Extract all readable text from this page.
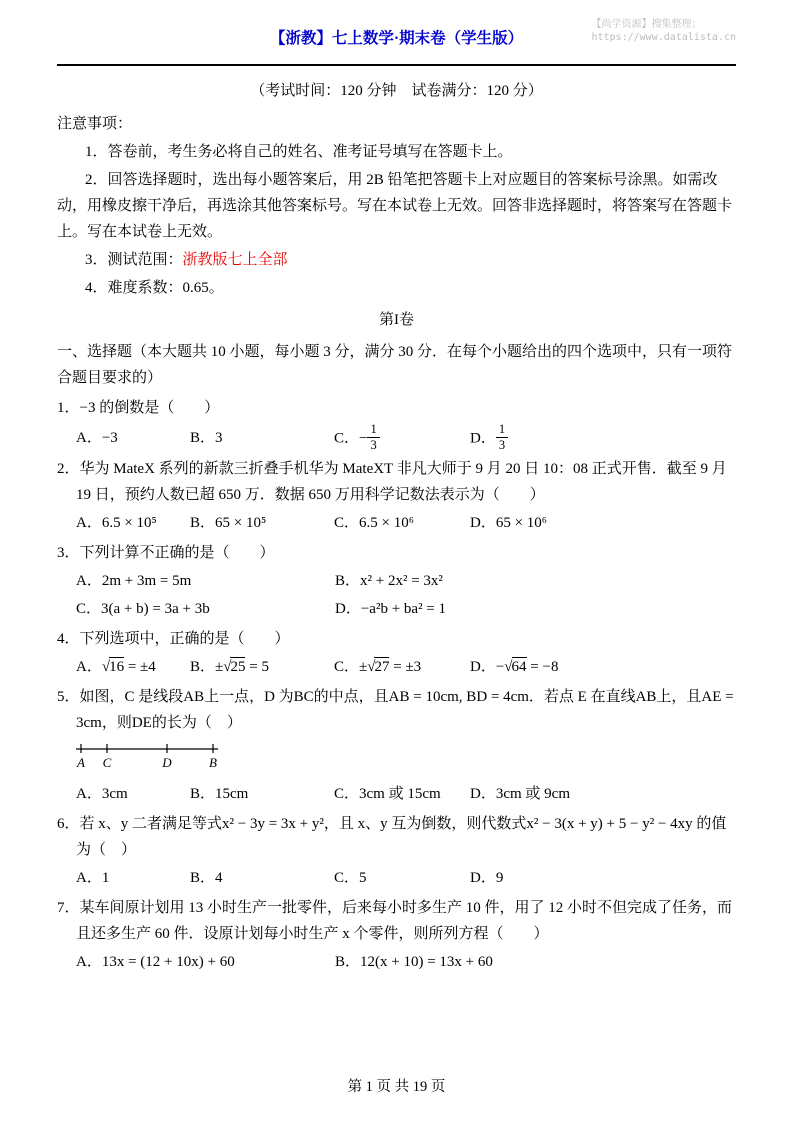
【尚学资源】搜集整理；
https://www.datalista.cn
【浙教】七上数学·期末卷（学生版）

（考试时间：120 分钟　试卷满分：120 分）

注意事项：

1．答卷前，考生务必将自己的姓名、准考证号填写在答题卡上。

2．回答选择题时，选出每小题答案后，用 2B 铅笔把答题卡上对应题目的答案标号涂黑。如需改动，用橡皮擦干净后，再选涂其他答案标号。写在本试卷上无效。回答非选择题时，将答案写在答题卡上。写在本试卷上无效。

3．测试范围：浙教版七上全部

4．难度系数：0.65。

第I卷

一、选择题（本大题共 10 小题，每小题 3 分，满分 30 分．在每个小题给出的四个选项中，只有一项符合题目要求的）

1．−3 的倒数是（　　）

A．−3	B．3	C．− $\frac{1}{3}$	D． $\frac{1}{3}$

2．华为 MateX 系列的新款三折叠手机华为 MateXT 非凡大师于 9 月 20 日 10：08 正式开售．截至 9 月 19 日，预约人数已超 650 万．数据 650 万用科学记数法表示为（　　）

A．6.5 × 10⁵ B．65 × 10⁵	C．6.5 × 10⁶	D．65 × 10⁶

3．下列计算不正确的是（　　）

A．2m + 3m = 5m	B．x² + 2x² = 3x²

C．3(a + b) = 3a + 3b	D．−a²b + ba² = 1

4．下列选项中，正确的是（　　）

A．√16 = ±4 B．±√25 = 5	C．±√27 = ±3	D．−√64 = −8

5．如图，C 是线段AB上一点，D 为BC的中点，且AB = 10cm, BD = 4cm．若点 E 在直线AB上，且AE = 3cm，则DE的长为（　）

A C	D	B

A．3cm	B．15cm	C．3cm 或 15cm D．3cm 或 9cm

6．若 x、y 二者满足等式x² − 3y = 3x + y²，且 x、y 互为倒数，则代数式x² − 3(x + y) + 5 − y² − 4xy 的值为（　）

A．1	B．4	C．5	D．9

7．某车间原计划用 13 小时生产一批零件，后来每小时多生产 10 件，用了 12 小时不但完成了任务，而且还多生产 60 件．设原计划每小时生产 x 个零件，则所列方程（　　）

A．13x = (12 + 10x) + 60	B．12(x + 10) = 13x + 60

第 1 页 共 19 页
